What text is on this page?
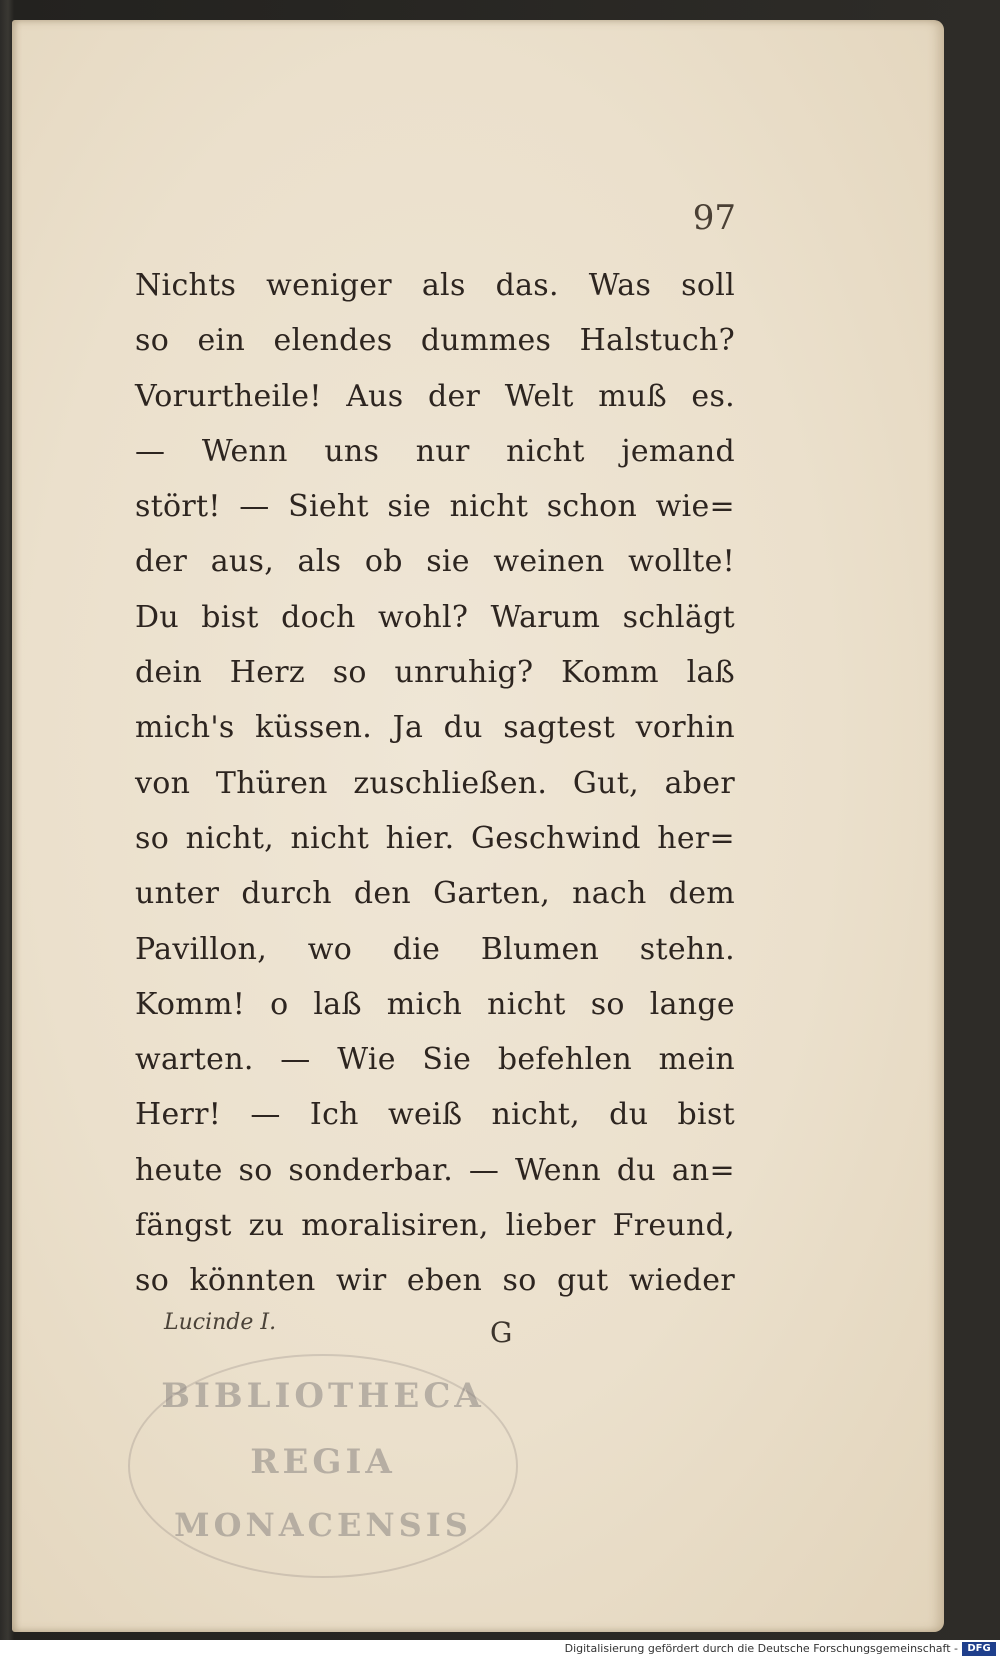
97
Nichts weniger als das. Was soll
so ein elendes dummes Halstuch?
Vorurtheile! Aus der Welt muß es.
— Wenn uns nur nicht jemand
stört! — Sieht sie nicht schon wie=
der aus, als ob sie weinen wollte!
Du bist doch wohl? Warum schlägt
dein Herz so unruhig? Komm laß
mich's küssen. Ja du sagtest vorhin
von Thüren zuschließen. Gut, aber
so nicht, nicht hier. Geschwind her=
unter durch den Garten, nach dem
Pavillon, wo die Blumen stehn.
Komm! o laß mich nicht so lange
warten. — Wie Sie befehlen mein
Herr! — Ich weiß nicht, du bist
heute so sonderbar. — Wenn du an=
fängst zu moralisiren, lieber Freund,
so könnten wir eben so gut wieder
Lucinde I.	G
BIBLIOTHECA
REGIA
MONACENSIS
Digitalisierung gefördert durch die Deutsche Forschungsgemeinschaft - DFG
